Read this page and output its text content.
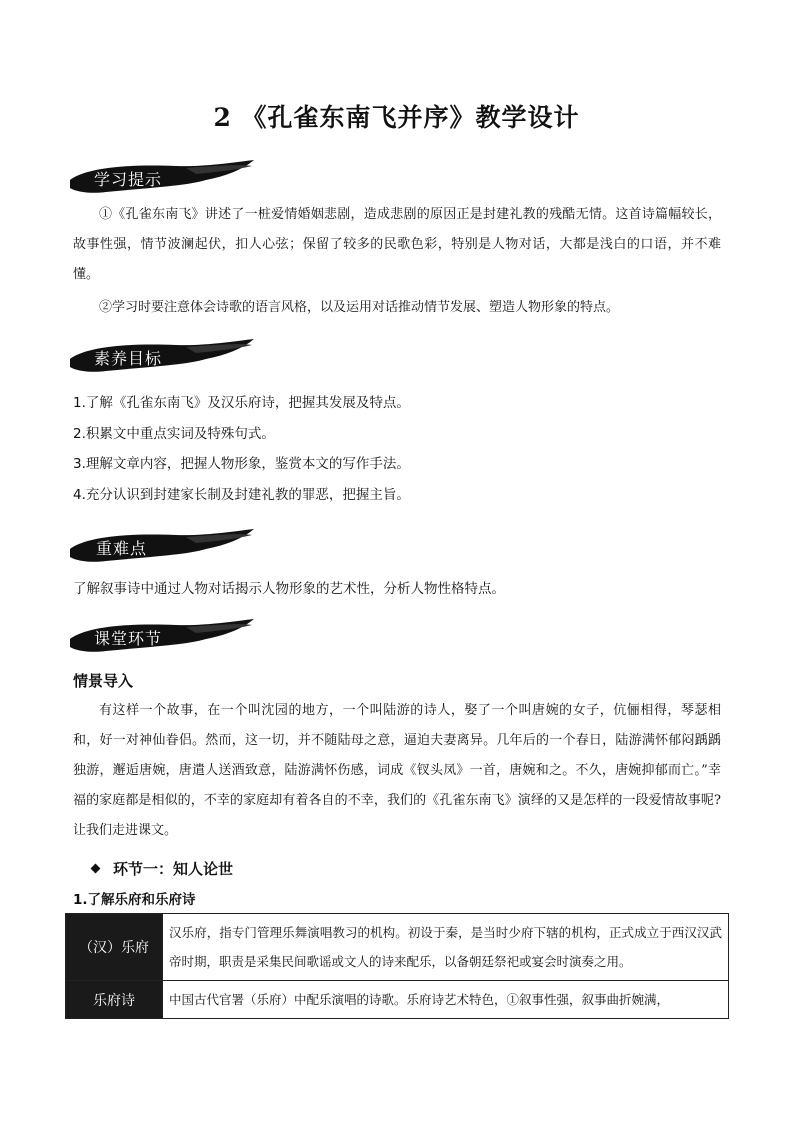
2 《孔雀东南飞并序》教学设计
学习提示

①《孔雀东南飞》讲述了一桩爱情婚姻悲剧，造成悲剧的原因正是封建礼教的残酷无情。这首诗篇幅较长，故事性强，情节波澜起伏，扣人心弦；保留了较多的民歌色彩，特别是人物对话，大都是浅白的口语，并不难懂。

②学习时要注意体会诗歌的语言风格，以及运用对话推动情节发展、塑造人物形象的特点。

素养目标
1.了解《孔雀东南飞》及汉乐府诗，把握其发展及特点。
2.积累文中重点实词及特殊句式。
3.理解文章内容，把握人物形象，鉴赏本文的写作手法。
4.充分认识到封建家长制及封建礼教的罪恶，把握主旨。
重难点

了解叙事诗中通过人物对话揭示人物形象的艺术性，分析人物性格特点。

课堂环节

情景导入

有这样一个故事，在一个叫沈园的地方，一个叫陆游的诗人，娶了一个叫唐婉的女子，伉俪相得，琴瑟相和，好一对神仙眷侣。然而，这一切，并不随陆母之意，逼迫夫妻离异。几年后的一个春日，陆游满怀郁闷踽踽独游，邂逅唐婉，唐遣人送酒致意，陆游满怀伤感，词成《钗头凤》一首，唐婉和之。不久，唐婉抑郁而亡。”幸福的家庭都是相似的，不幸的家庭却有着各自的不幸，我们的《孔雀东南飞》演绎的又是怎样的一段爱情故事呢?让我们走进课文。

环节一：知人论世

1.了解乐府和乐府诗

（汉）乐府	汉乐府，指专门管理乐舞演唱教习的机构。初设于秦，是当时少府下辖的机构，正式成立于西汉汉武帝时期，职责是采集民间歌谣或文人的诗来配乐，以备朝廷祭祀或宴会时演奏之用。
乐府诗	中国古代官署（乐府）中配乐演唱的诗歌。乐府诗艺术特色，①叙事性强，叙事曲折婉满，
